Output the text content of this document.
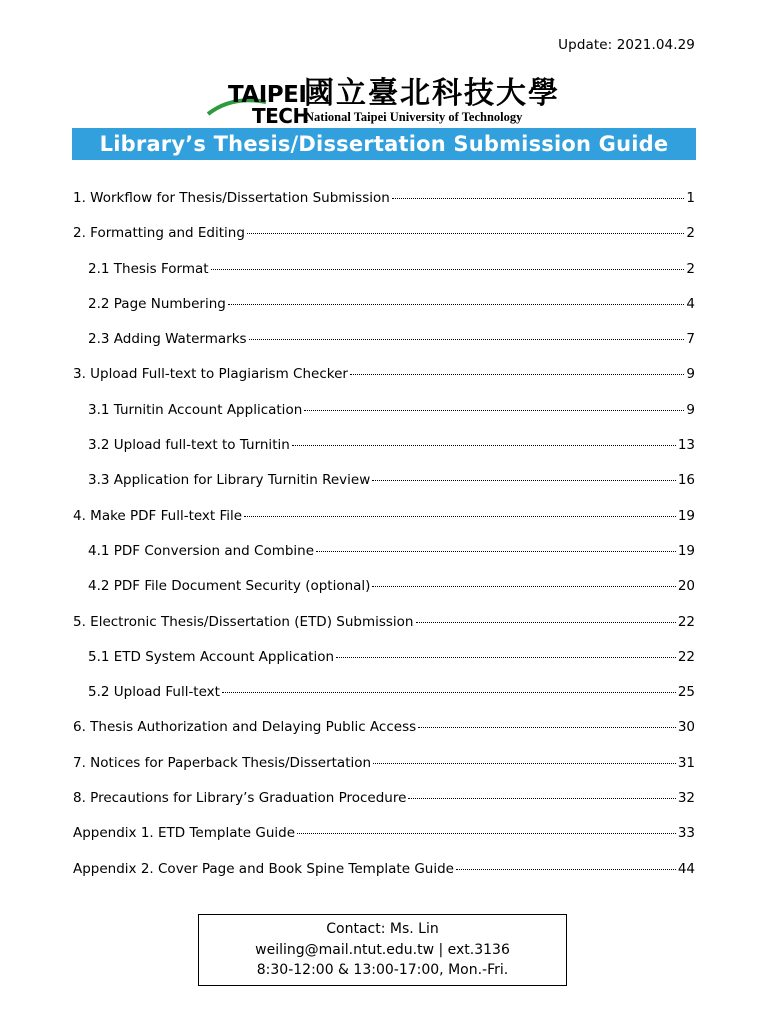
Update: 2021.04.29
TAIPEI
TECH
國立臺北科技大學
National Taipei University of Technology
Library’s Thesis/Dissertation Submission Guide
1. Workflow for Thesis/Dissertation Submission	1
2. Formatting and Editing	2
2.1 Thesis Format	2
2.2 Page Numbering	4
2.3 Adding Watermarks	7
3. Upload Full-text to Plagiarism Checker	9
3.1 Turnitin Account Application	9
3.2 Upload full-text to Turnitin	13
3.3 Application for Library Turnitin Review	16
4. Make PDF Full-text File	19
4.1 PDF Conversion and Combine	19
4.2 PDF File Document Security (optional)	20
5. Electronic Thesis/Dissertation (ETD) Submission	22
5.1 ETD System Account Application	22
5.2 Upload Full-text	25
6. Thesis Authorization and Delaying Public Access	30
7. Notices for Paperback Thesis/Dissertation	31
8. Precautions for Library’s Graduation Procedure	32
Appendix 1. ETD Template Guide	33
Appendix 2. Cover Page and Book Spine Template Guide	44
Contact: Ms. Lin
weiling@mail.ntut.edu.tw | ext.3136
8:30-12:00 & 13:00-17:00, Mon.-Fri.
